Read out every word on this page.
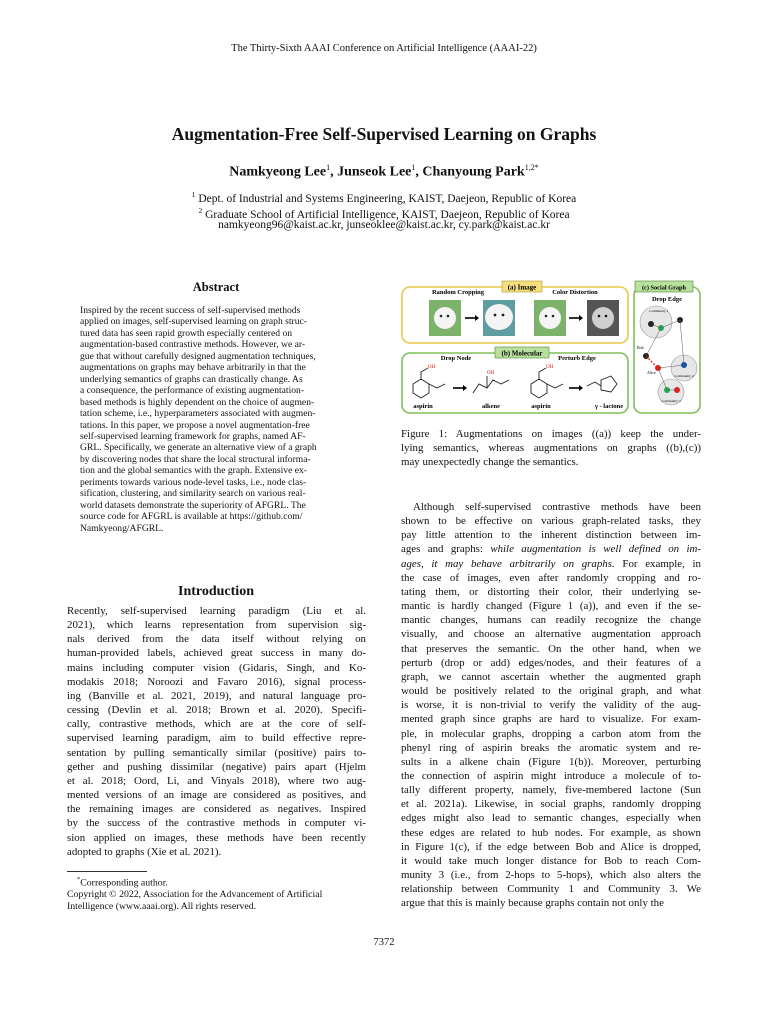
The Thirty-Sixth AAAI Conference on Artificial Intelligence (AAAI-22)
Augmentation-Free Self-Supervised Learning on Graphs
Namkyeong Lee$^1$, Junseok Lee$^1$, Chanyoung Park$^{1,2*}$
$^1$ Dept. of Industrial and Systems Engineering, KAIST, Daejeon, Republic of Korea
$^2$ Graduate School of Artificial Intelligence, KAIST, Daejeon, Republic of Korea
namkyeong96@kaist.ac.kr, junseoklee@kaist.ac.kr, cy.park@kaist.ac.kr
Abstract
Inspired by the recent success of self-supervised methods
applied on images, self-supervised learning on graph struc-
tured data has seen rapid growth especially centered on
augmentation-based contrastive methods. However, we ar-
gue that without carefully designed augmentation techniques,
augmentations on graphs may behave arbitrarily in that the
underlying semantics of graphs can drastically change. As
a consequence, the performance of existing augmentation-
based methods is highly dependent on the choice of augmen-
tation scheme, i.e., hyperparameters associated with augmen-
tations. In this paper, we propose a novel augmentation-free
self-supervised learning framework for graphs, named AF-
GRL. Specifically, we generate an alternative view of a graph
by discovering nodes that share the local structural informa-
tion and the global semantics with the graph. Extensive ex-
periments towards various node-level tasks, i.e., node clas-
sification, clustering, and similarity search on various real-
world datasets demonstrate the superiority of AFGRL. The
source code for AFGRL is available at https://github.com/
Namkyeong/AFGRL.
Introduction
Recently, self-supervised learning paradigm (Liu et al.
2021), which learns representation from supervision sig-
nals derived from the data itself without relying on
human-provided labels, achieved great success in many do-
mains including computer vision (Gidaris, Singh, and Ko-
modakis 2018; Noroozi and Favaro 2016), signal process-
ing (Banville et al. 2021, 2019), and natural language pro-
cessing (Devlin et al. 2018; Brown et al. 2020). Specifi-
cally, contrastive methods, which are at the core of self-
supervised learning paradigm, aim to build effective repre-
sentation by pulling semantically similar (positive) pairs to-
gether and pushing dissimilar (negative) pairs apart (Hjelm
et al. 2018; Oord, Li, and Vinyals 2018), where two aug-
mented versions of an image are considered as positives, and
the remaining images are considered as negatives. Inspired
by the success of the contrastive methods in computer vi-
sion applied on images, these methods have been recently
adopted to graphs (Xie et al. 2021).
*Corresponding author.
Copyright © 2022, Association for the Advancement of Artificial
Intelligence (www.aaai.org). All rights reserved.
(a) Image
Random Cropping	Color Distortion
(b) Molecular
Drop Node	Perturb Edge
OH
aspirin
OH
alkene
OH
aspirin	γ - lactone
(c) Social Graph
Drop Edge
Community 1
Community 2
Community 3
Bob
Alice
Figure 1: Augmentations on images ((a)) keep the under-
lying semantics, whereas augmentations on graphs ((b),(c))
may unexpectedly change the semantics.
Although self-supervised contrastive methods have been
shown to be effective on various graph-related tasks, they
pay little attention to the inherent distinction between im-
ages and graphs: while augmentation is well defined on im-
ages, it may behave arbitrarily on graphs. For example, in
the case of images, even after randomly cropping and ro-
tating them, or distorting their color, their underlying se-
mantic is hardly changed (Figure 1 (a)), and even if the se-
mantic changes, humans can readily recognize the change
visually, and choose an alternative augmentation approach
that preserves the semantic. On the other hand, when we
perturb (drop or add) edges/nodes, and their features of a
graph, we cannot ascertain whether the augmented graph
would be positively related to the original graph, and what
is worse, it is non-trivial to verify the validity of the aug-
mented graph since graphs are hard to visualize. For exam-
ple, in molecular graphs, dropping a carbon atom from the
phenyl ring of aspirin breaks the aromatic system and re-
sults in a alkene chain (Figure 1(b)). Moreover, perturbing
the connection of aspirin might introduce a molecule of to-
tally different property, namely, five-membered lactone (Sun
et al. 2021a). Likewise, in social graphs, randomly dropping
edges might also lead to semantic changes, especially when
these edges are related to hub nodes. For example, as shown
in Figure 1(c), if the edge between Bob and Alice is dropped,
it would take much longer distance for Bob to reach Com-
munity 3 (i.e., from 2-hops to 5-hops), which also alters the
relationship between Community 1 and Community 3. We
argue that this is mainly because graphs contain not only the
7372
